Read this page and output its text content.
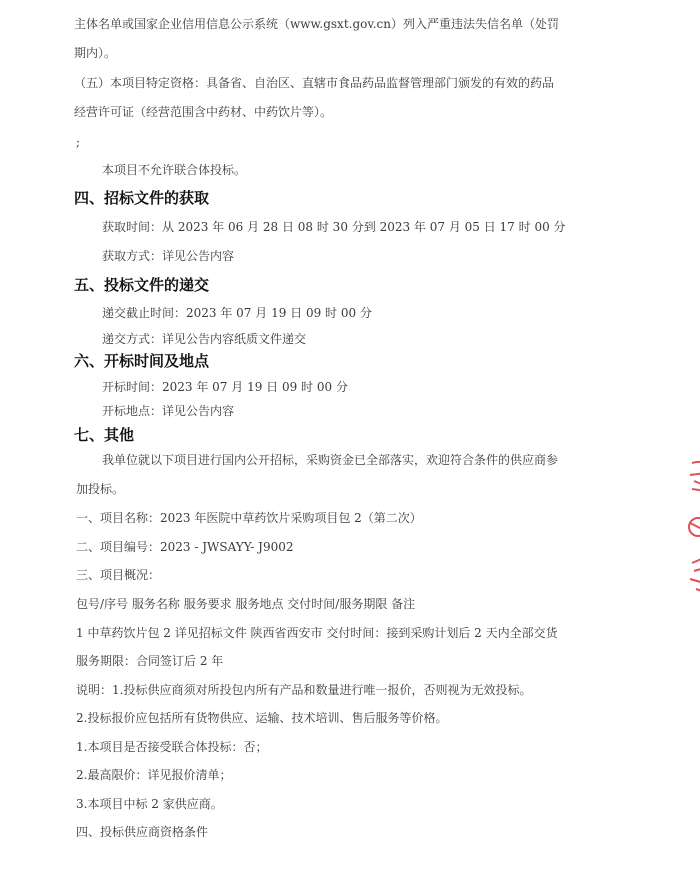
主体名单或国家企业信用信息公示系统（www.gsxt.gov.cn）列入严重违法失信名单（处罚
期内）。
（五）本项目特定资格：具备省、自治区、直辖市食品药品监督管理部门颁发的有效的药品
经营许可证（经营范围含中药材、中药饮片等）。
;
本项目不允许联合体投标。
四、招标文件的获取
获取时间：从 2023 年 06 月 28 日 08 时 30 分到 2023 年 07 月 05 日 17 时 00 分
获取方式：详见公告内容
五、投标文件的递交
递交截止时间：2023 年 07 月 19 日 09 时 00 分
递交方式：详见公告内容纸质文件递交
六、开标时间及地点
开标时间：2023 年 07 月 19 日 09 时 00 分
开标地点：详见公告内容
七、其他
我单位就以下项目进行国内公开招标，采购资金已全部落实，欢迎符合条件的供应商参
加投标。
一、项目名称：2023 年医院中草药饮片采购项目包 2（第二次）
二、项目编号：2023 - JWSAYY- J9002
三、项目概况：
包号/序号 服务名称 服务要求 服务地点 交付时间/服务期限 备注
1 中草药饮片包 2 详见招标文件 陕西省西安市 交付时间：接到采购计划后 2 天内全部交货
服务期限：合同签订后 2 年
说明：1.投标供应商须对所投包内所有产品和数量进行唯一报价，否则视为无效投标。
2.投标报价应包括所有货物供应、运输、技术培训、售后服务等价格。
1.本项目是否接受联合体投标：否；
2.最高限价：详见报价清单；
3.本项目中标 2 家供应商。
四、投标供应商资格条件
